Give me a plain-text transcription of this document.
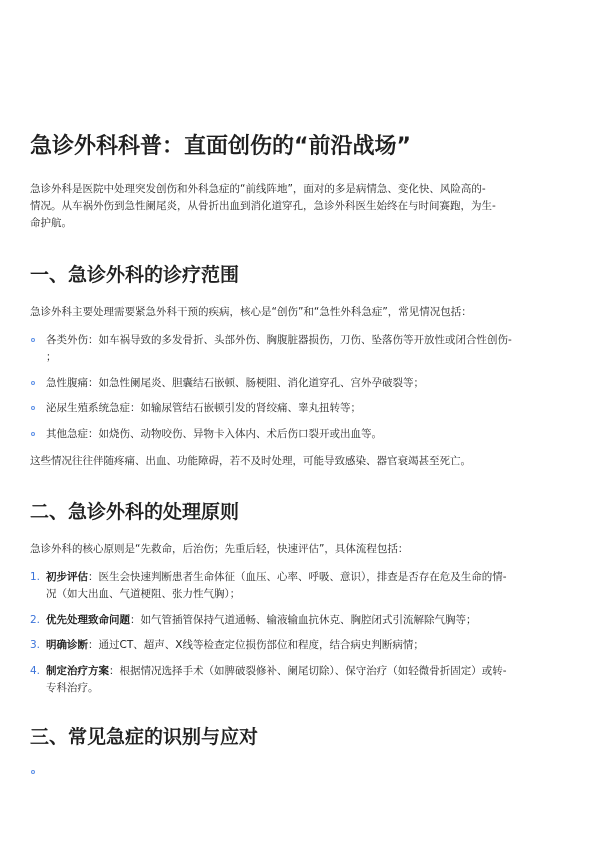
急诊外科科普：直面创伤的“前沿战场”

急诊外科是医院中处理突发创伤和外科急症的“前线阵地”，面对的多是病情急、变化快、风险高的-
情况。从车祸外伤到急性阑尾炎，从骨折出血到消化道穿孔，急诊外科医生始终在与时间赛跑，为生-
命护航。

一、急诊外科的诊疗范围

急诊外科主要处理需要紧急外科干预的疾病，核心是“创伤”和“急性外科急症”，常见情况包括：

各类外伤：如车祸导致的多发骨折、头部外伤、胸腹脏器损伤，刀伤、坠落伤等开放性或闭合性创伤-
；
急性腹痛：如急性阑尾炎、胆囊结石嵌顿、肠梗阻、消化道穿孔、宫外孕破裂等；
泌尿生殖系统急症：如输尿管结石嵌顿引发的肾绞痛、睾丸扭转等；
其他急症：如烧伤、动物咬伤、异物卡入体内、术后伤口裂开或出血等。

这些情况往往伴随疼痛、出血、功能障碍，若不及时处理，可能导致感染、器官衰竭甚至死亡。

二、急诊外科的处理原则

急诊外科的核心原则是“先救命，后治伤；先重后轻，快速评估”，具体流程包括：

1. 初步评估：医生会快速判断患者生命体征（血压、心率、呼吸、意识），排查是否存在危及生命的情-
况（如大出血、气道梗阻、张力性气胸）；
2. 优先处理致命问题：如气管插管保持气道通畅、输液输血抗休克、胸腔闭式引流解除气胸等；
3. 明确诊断：通过CT、超声、X线等检查定位损伤部位和程度，结合病史判断病情；
4. 制定治疗方案：根据情况选择手术（如脾破裂修补、阑尾切除）、保守治疗（如轻微骨折固定）或转-
专科治疗。
三、常见急症的识别与应对
